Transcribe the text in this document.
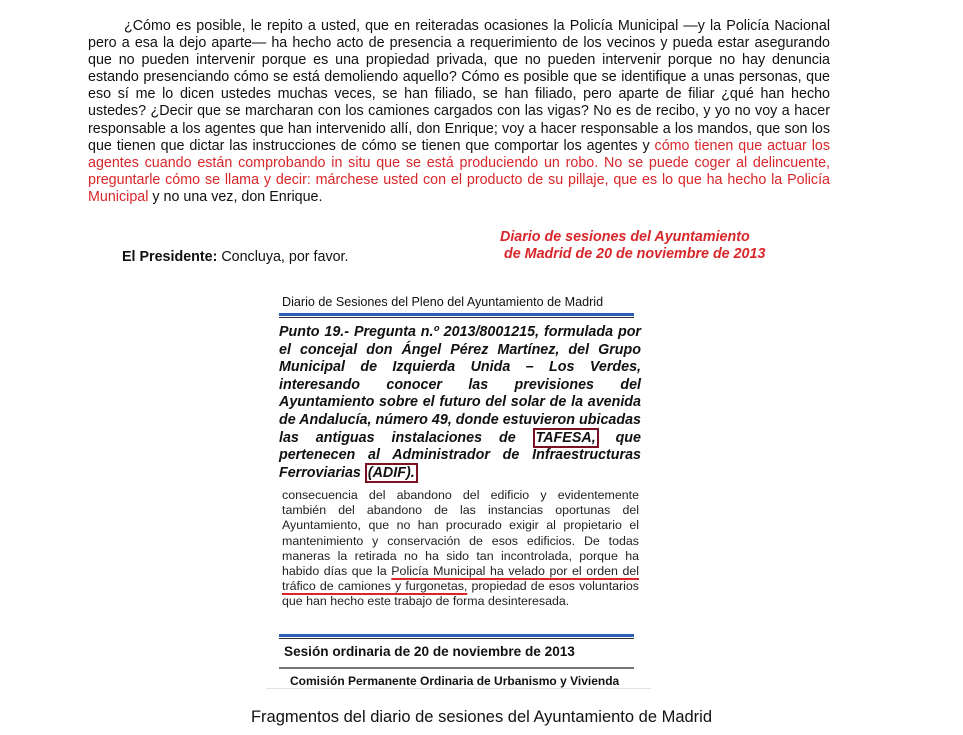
¿Cómo es posible, le repito a usted, que en reiteradas ocasiones la Policía Municipal —y la Policía Nacional pero a esa la dejo aparte— ha hecho acto de presencia a requerimiento de los vecinos y pueda estar asegurando que no pueden intervenir porque es una propiedad privada, que no pueden intervenir porque no hay denuncia estando presenciando cómo se está demoliendo aquello? Cómo es posible que se identifique a unas personas, que eso sí me lo dicen ustedes muchas veces, se han filiado, se han filiado, pero aparte de filiar ¿qué han hecho ustedes? ¿Decir que se marcharan con los camiones cargados con las vigas? No es de recibo, y yo no voy a hacer responsable a los agentes que han intervenido allí, don Enrique; voy a hacer responsable a los mandos, que son los que tienen que dictar las instrucciones de cómo se tienen que comportar los agentes y cómo tienen que actuar los agentes cuando están comprobando in situ que se está produciendo un robo. No se puede coger al delincuente, preguntarle cómo se llama y decir: márchese usted con el producto de su pillaje, que es lo que ha hecho la Policía Municipal y no una vez, don Enrique.

El Presidente: Concluya, por favor.
Diario de sesiones del Ayuntamiento
de Madrid de 20 de noviembre de 2013
Diario de Sesiones del Pleno del Ayuntamiento de Madrid
Punto 19.- Pregunta n.º 2013/8001215, formulada por el concejal don Ángel Pérez Martínez, del Grupo Municipal de Izquierda Unida – Los Verdes, interesando conocer las previsiones del Ayuntamiento sobre el futuro del solar de la avenida de Andalucía, número 49, donde estuvieron ubicadas las antiguas instalaciones de TAFESA, que pertenecen al Administrador de Infraestructuras Ferroviarias (ADIF).
consecuencia del abandono del edificio y evidentemente también del abandono de las instancias oportunas del Ayuntamiento, que no han procurado exigir al propietario el mantenimiento y conservación de esos edificios. De todas maneras la retirada no ha sido tan incontrolada, porque ha habido días que la Policía Municipal ha velado por el orden del tráfico de camiones y furgonetas, propiedad de esos voluntarios que han hecho este trabajo de forma desinteresada.
Sesión ordinaria de 20 de noviembre de 2013
Comisión Permanente Ordinaria de Urbanismo y Vivienda
Fragmentos del diario de sesiones del Ayuntamiento de Madrid
